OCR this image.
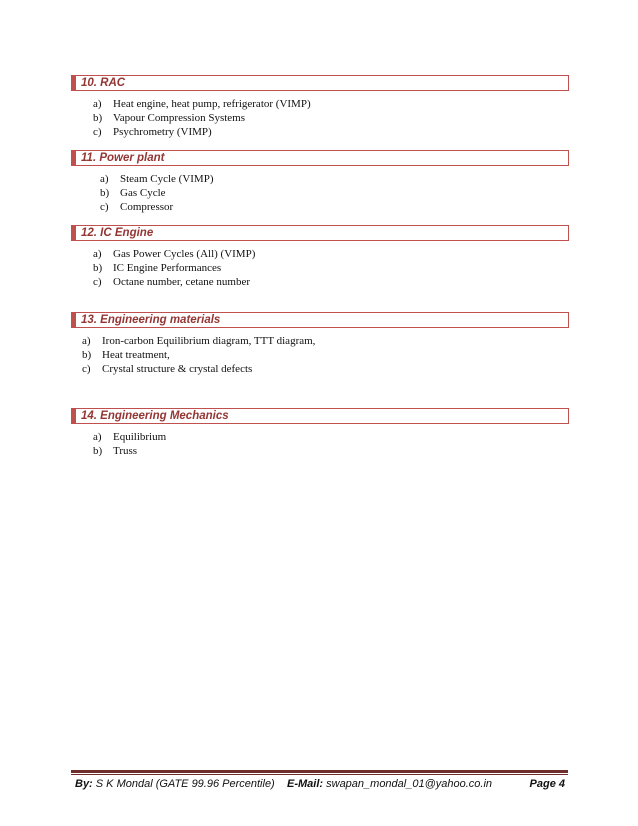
10. RAC
a) Heat engine, heat pump, refrigerator (VIMP)
b) Vapour Compression Systems
c) Psychrometry (VIMP)
11. Power plant
a) Steam Cycle (VIMP)
b) Gas Cycle
c) Compressor
12. IC Engine
a) Gas Power Cycles (All) (VIMP)
b) IC Engine Performances
c) Octane number, cetane number
13. Engineering materials
a) Iron-carbon Equilibrium diagram, TTT diagram,
b) Heat treatment,
c) Crystal structure & crystal defects
14. Engineering Mechanics
a) Equilibrium
b) Truss
By: S K Mondal (GATE 99.96 Percentile) E-Mail: swapan_mondal_01@yahoo.co.in	Page 4
